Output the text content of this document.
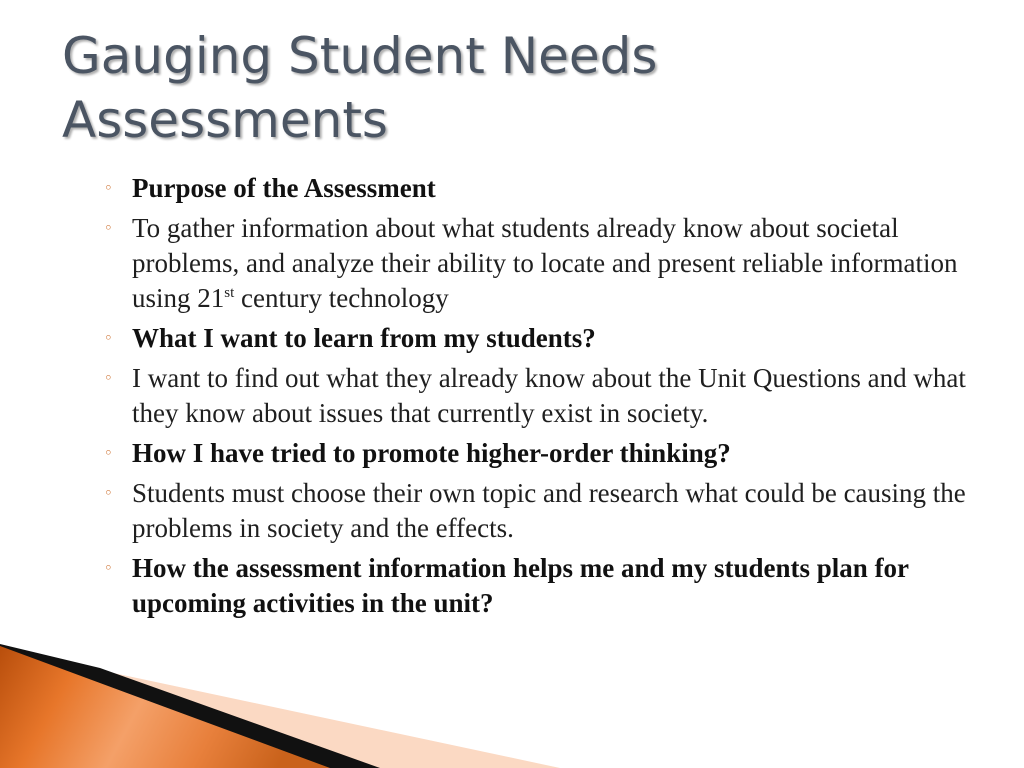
Gauging Student Needs
Assessments
◦ Purpose of the Assessment
◦ To gather information about what students already know about societal problems, and analyze their ability to locate and present reliable information using 21st century technology
◦ What I want to learn from my students?
◦ I want to find out what they already know about the Unit Questions and what they know about issues that currently exist in society.
◦ How I have tried to promote higher-order thinking?
◦ Students must choose their own topic and research what could be causing the problems in society and the effects.
◦ How the assessment information helps me and my students plan for upcoming activities in the unit?
